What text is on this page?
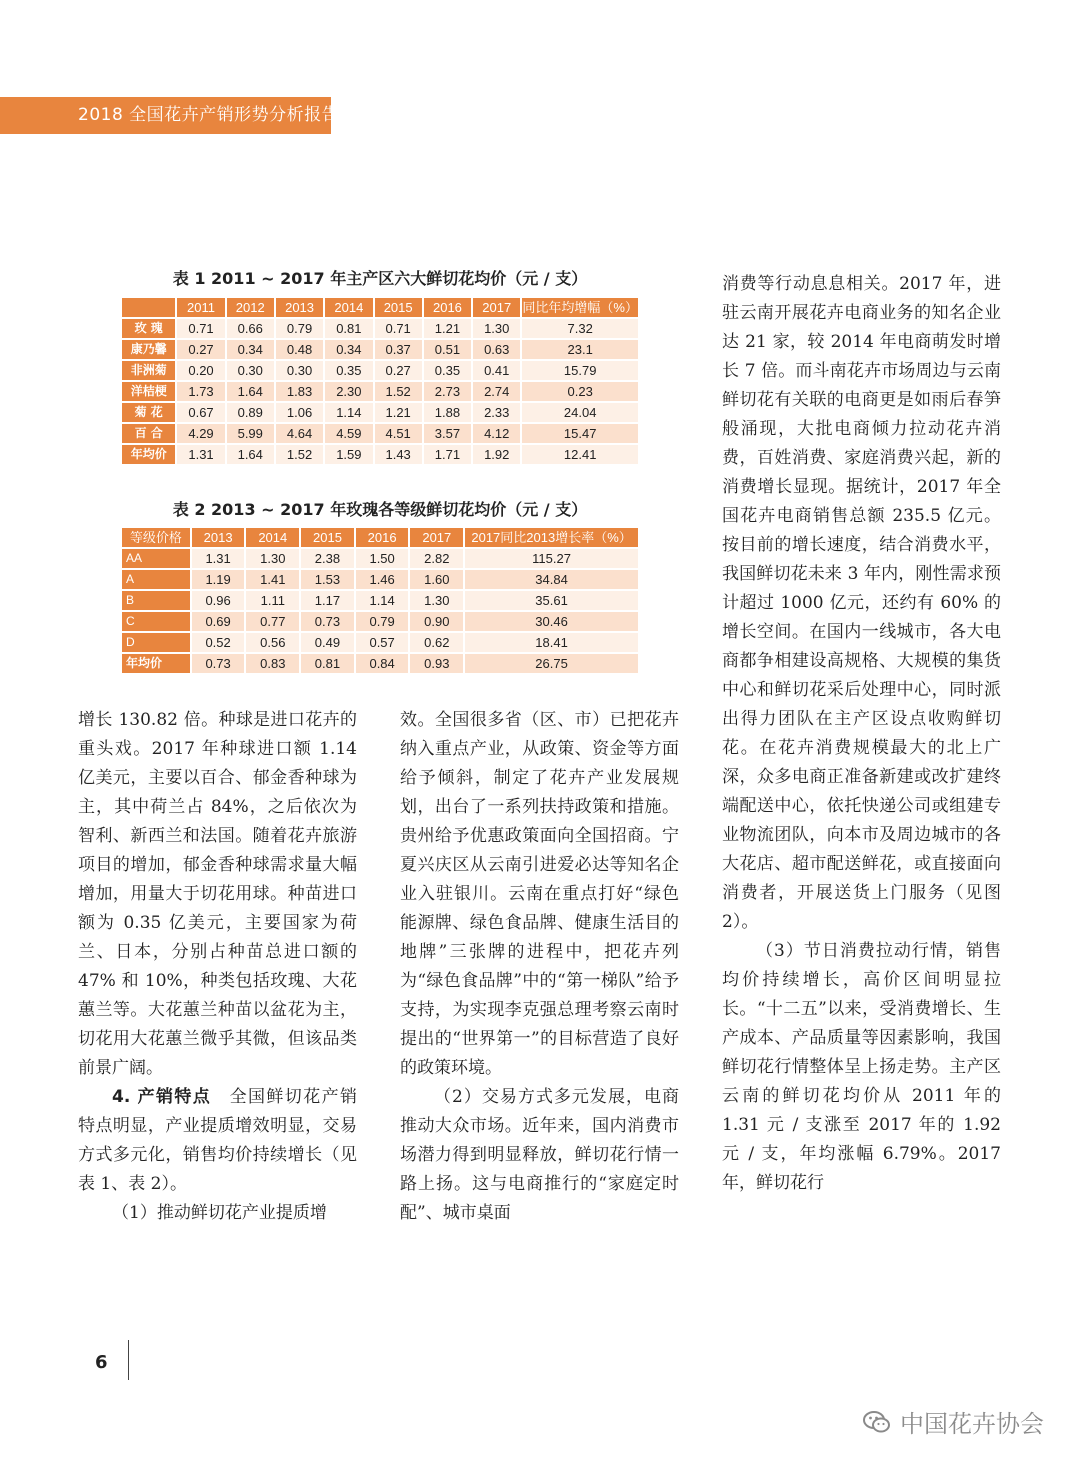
2018 全国花卉产销形势分析报告
表 1 2011 ~ 2017 年主产区六大鲜切花均价（元 / 支）
	2011	2012	2013	2014	2015	2016	2017	同比年均增幅（%）
玫 瑰	0.71	0.66	0.79	0.81	0.71	1.21	1.30	7.32
康乃馨	0.27	0.34	0.48	0.34	0.37	0.51	0.63	23.1
非洲菊	0.20	0.30	0.30	0.35	0.27	0.35	0.41	15.79
洋桔梗	1.73	1.64	1.83	2.30	1.52	2.73	2.74	0.23
菊 花	0.67	0.89	1.06	1.14	1.21	1.88	2.33	24.04
百 合	4.29	5.99	4.64	4.59	4.51	3.57	4.12	15.47
年均价	1.31	1.64	1.52	1.59	1.43	1.71	1.92	12.41
表 2 2013 ~ 2017 年玫瑰各等级鲜切花均价（元 / 支）
等级价格	2013	2014	2015	2016	2017	2017同比2013增长率（%）
AA	1.31	1.30	2.38	1.50	2.82	115.27
A	1.19	1.41	1.53	1.46	1.60	34.84
B	0.96	1.11	1.17	1.14	1.30	35.61
C	0.69	0.77	0.73	0.79	0.90	30.46
D	0.52	0.56	0.49	0.57	0.62	18.41
年均价	0.73	0.83	0.81	0.84	0.93	26.75

增长 130.82 倍。种球是进口花卉的重头戏。2017 年种球进口额 1.14 亿美元，主要以百合、郁金香种球为主，其中荷兰占 84%，之后依次为智利、新西兰和法国。随着花卉旅游项目的增加，郁金香种球需求量大幅增加，用量大于切花用球。种苗进口额为 0.35 亿美元，主要国家为荷兰、日本，分别占种苗总进口额的 47% 和 10%，种类包括玫瑰、大花蕙兰等。大花蕙兰种苗以盆花为主，切花用大花蕙兰微乎其微，但该品类前景广阔。

4. 产销特点　 全国鲜切花产销特点明显，产业提质增效明显，交易方式多元化，销售均价持续增长（见表 1、表 2）。

（1）推动鲜切花产业提质增

效。全国很多省（区、市）已把花卉纳入重点产业，从政策、资金等方面给予倾斜，制定了花卉产业发展规划，出台了一系列扶持政策和措施。贵州给予优惠政策面向全国招商。宁夏兴庆区从云南引进爱必达等知名企业入驻银川。云南在重点打好“绿色能源牌、绿色食品牌、健康生活目的地牌”三张牌的进程中，把花卉列为“绿色食品牌”中的“第一梯队”给予支持，为实现李克强总理考察云南时提出的“世界第一”的目标营造了良好的政策环境。

（2）交易方式多元发展，电商推动大众市场。近年来，国内消费市场潜力得到明显释放，鲜切花行情一路上扬。这与电商推行的“家庭定时配”、城市桌面

消费等行动息息相关。2017 年，进驻云南开展花卉电商业务的知名企业达 21 家，较 2014 年电商萌发时增长 7 倍。而斗南花卉市场周边与云南鲜切花有关联的电商更是如雨后春笋般涌现，大批电商倾力拉动花卉消费，百姓消费、家庭消费兴起，新的消费增长显现。据统计，2017 年全国花卉电商销售总额 235.5 亿元。按目前的增长速度，结合消费水平，我国鲜切花未来 3 年内，刚性需求预计超过 1000 亿元，还约有 60% 的增长空间。在国内一线城市，各大电商都争相建设高规格、大规模的集货中心和鲜切花采后处理中心，同时派出得力团队在主产区设点收购鲜切花。在花卉消费规模最大的北上广深，众多电商正准备新建或改扩建终端配送中心，依托快递公司或组建专业物流团队，向本市及周边城市的各大花店、超市配送鲜花，或直接面向消费者，开展送货上门服务（见图 2）。

（3）节日消费拉动行情，销售均价持续增长，高价区间明显拉长。“十二五”以来，受消费增长、生产成本、产品质量等因素影响，我国鲜切花行情整体呈上扬走势。主产区云南的鲜切花均价从 2011 年的 1.31 元 / 支涨至 2017 年的 1.92 元 / 支，年均涨幅 6.79%。2017 年，鲜切花行

6
中国花卉协会
